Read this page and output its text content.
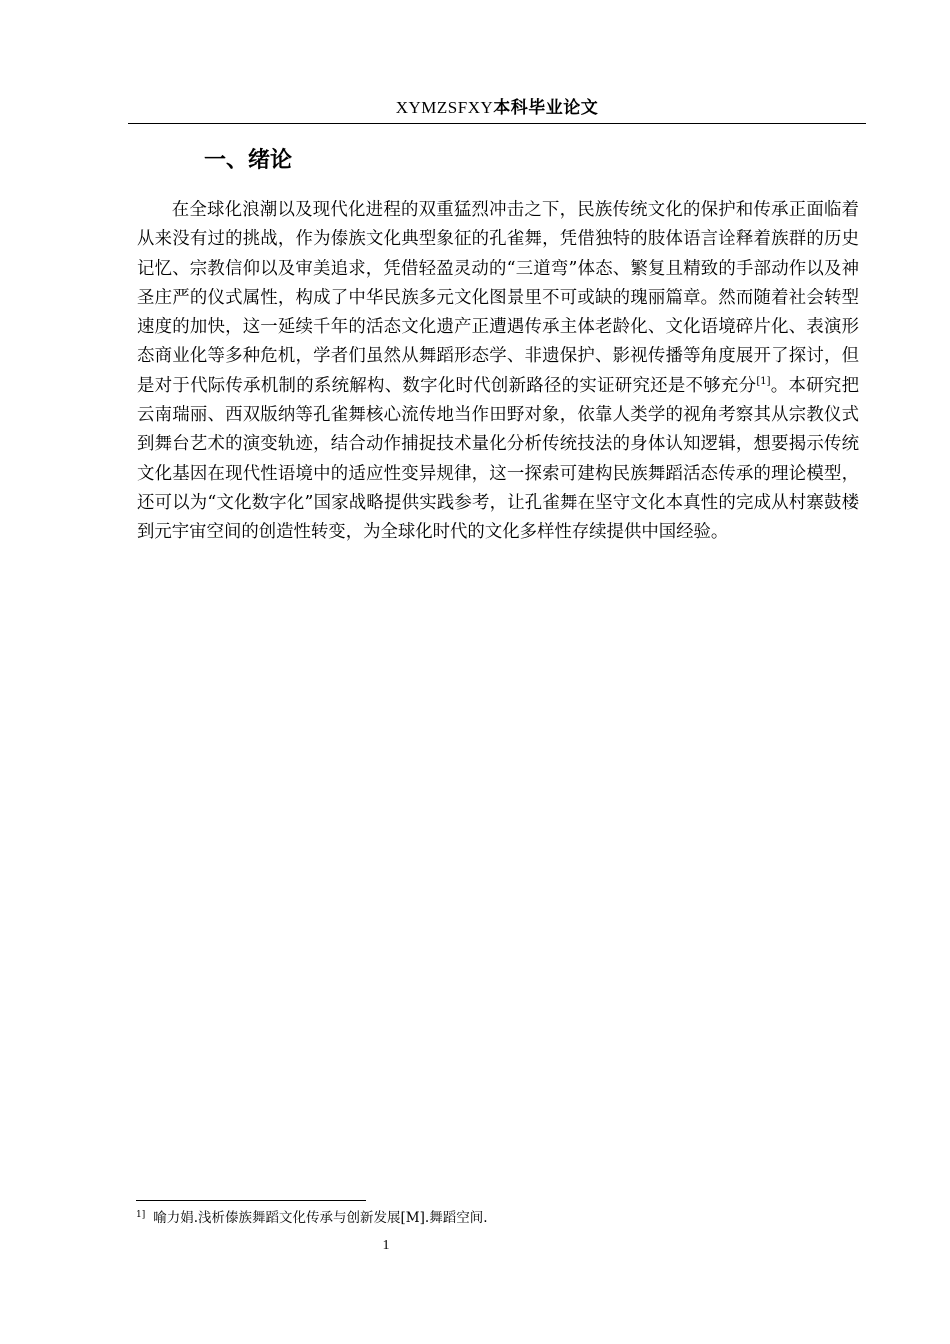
XYMZSFXY本科毕业论文
一、绪论

在全球化浪潮以及现代化进程的双重猛烈冲击之下，民族传统文化的保护和传承正面临着从来没有过的挑战，作为傣族文化典型象征的孔雀舞，凭借独特的肢体语言诠释着族群的历史记忆、宗教信仰以及审美追求，凭借轻盈灵动的“三道弯”体态、繁复且精致的手部动作以及神圣庄严的仪式属性，构成了中华民族多元文化图景里不可或缺的瑰丽篇章。然而随着社会转型速度的加快，这一延续千年的活态文化遗产正遭遇传承主体老龄化、文化语境碎片化、表演形态商业化等多种危机，学者们虽然从舞蹈形态学、非遗保护、影视传播等角度展开了探讨，但是对于代际传承机制的系统解构、数字化时代创新路径的实证研究还是不够充分[1]。本研究把云南瑞丽、西双版纳等孔雀舞核心流传地当作田野对象，依靠人类学的视角考察其从宗教仪式到舞台艺术的演变轨迹，结合动作捕捉技术量化分析传统技法的身体认知逻辑，想要揭示传统文化基因在现代性语境中的适应性变异规律，这一探索可建构民族舞蹈活态传承的理论模型，还可以为“文化数字化”国家战略提供实践参考，让孔雀舞在坚守文化本真性的完成从村寨鼓楼到元宇宙空间的创造性转变，为全球化时代的文化多样性存续提供中国经验。

$^{1]}$ 喻力娟.浅析傣族舞蹈文化传承与创新发展[M].舞蹈空间.

1
